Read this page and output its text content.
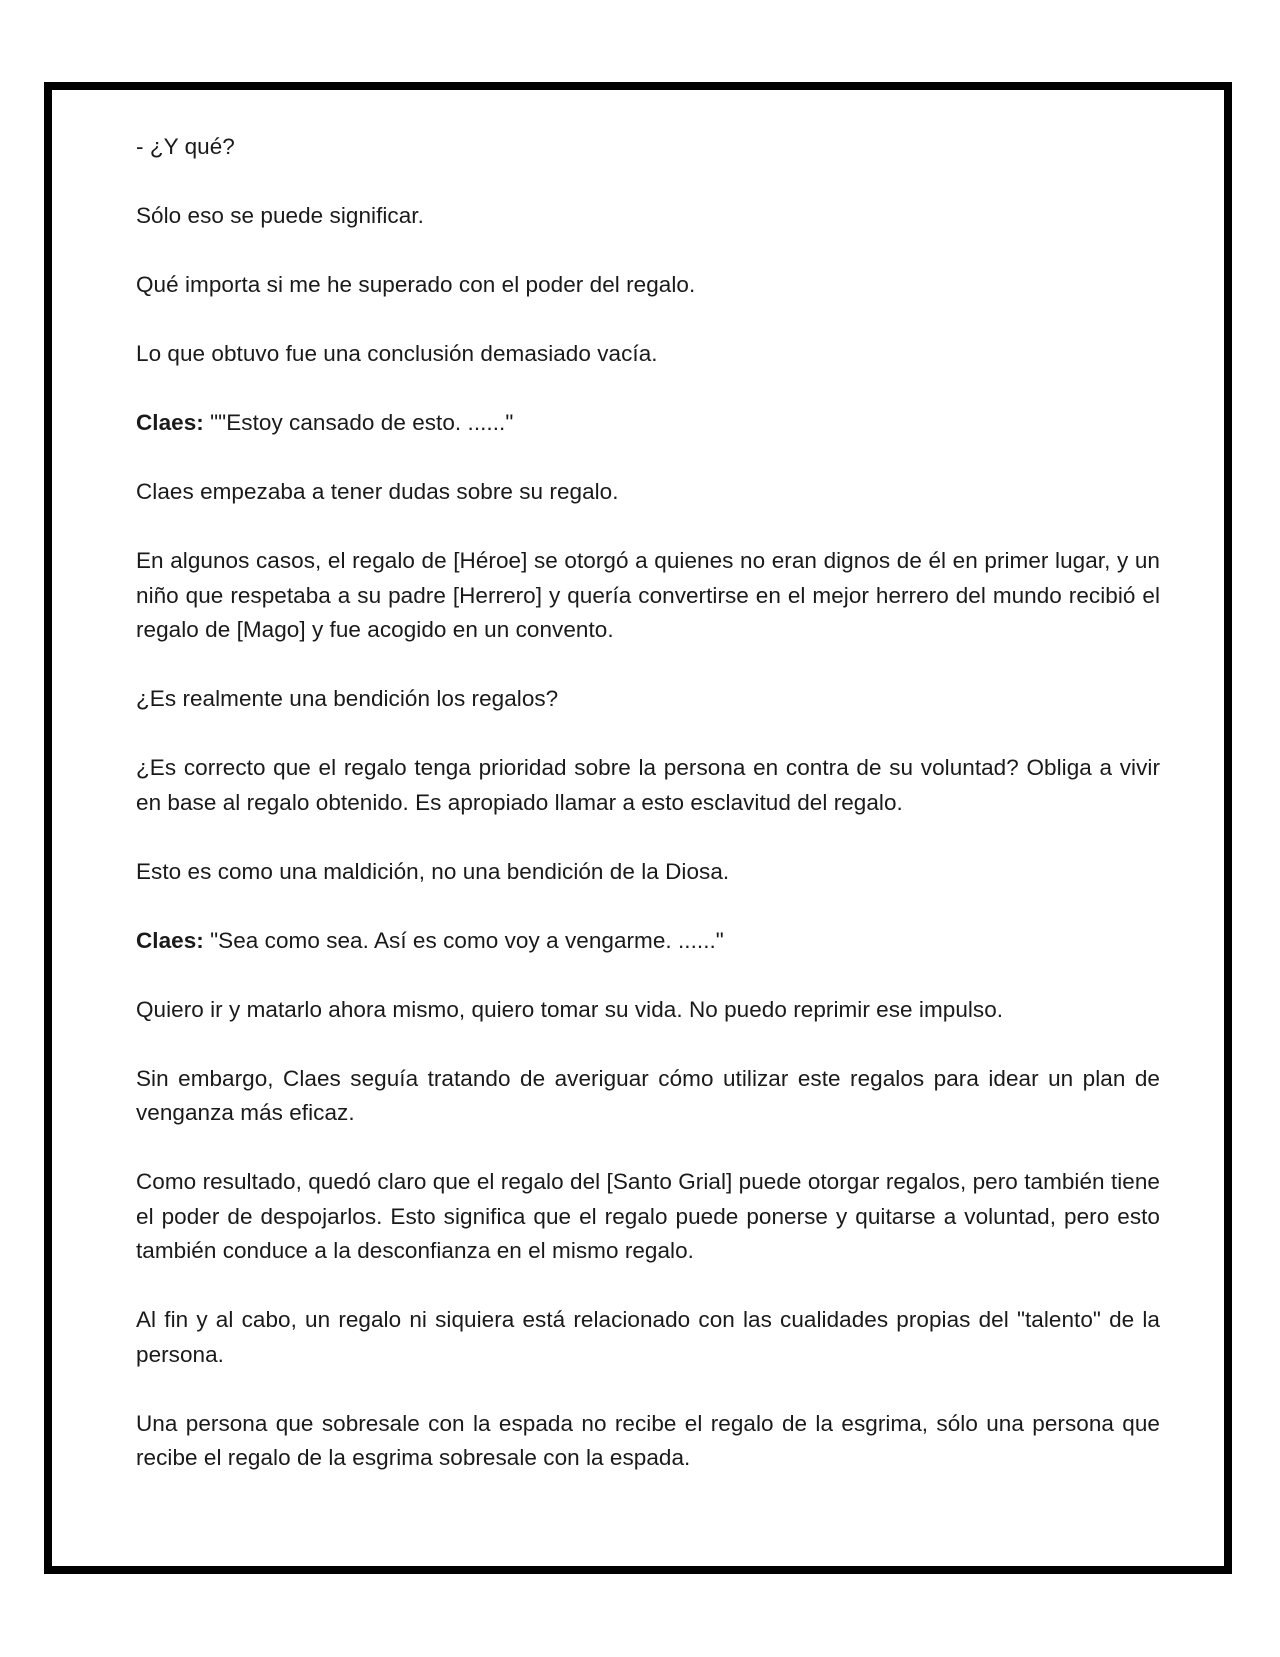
- ¿Y qué?

Sólo eso se puede significar.

Qué importa si me he superado con el poder del regalo.

Lo que obtuvo fue una conclusión demasiado vacía.

Claes: ""Estoy cansado de esto. ......"

Claes empezaba a tener dudas sobre su regalo.

En algunos casos, el regalo de [Héroe] se otorgó a quienes no eran dignos de él en primer lugar, y un niño que respetaba a su padre [Herrero] y quería convertirse en el mejor herrero del mundo recibió el regalo de [Mago] y fue acogido en un convento.

¿Es realmente una bendición los regalos?

¿Es correcto que el regalo tenga prioridad sobre la persona en contra de su voluntad? Obliga a vivir en base al regalo obtenido. Es apropiado llamar a esto esclavitud del regalo.

Esto es como una maldición, no una bendición de la Diosa.

Claes: "Sea como sea. Así es como voy a vengarme. ......"

Quiero ir y matarlo ahora mismo, quiero tomar su vida. No puedo reprimir ese impulso.

Sin embargo, Claes seguía tratando de averiguar cómo utilizar este regalos para idear un plan de venganza más eficaz.

Como resultado, quedó claro que el regalo del [Santo Grial] puede otorgar regalos, pero también tiene el poder de despojarlos. Esto significa que el regalo puede ponerse y quitarse a voluntad, pero esto también conduce a la desconfianza en el mismo regalo.

Al fin y al cabo, un regalo ni siquiera está relacionado con las cualidades propias del "talento" de la persona.

Una persona que sobresale con la espada no recibe el regalo de la esgrima, sólo una persona que recibe el regalo de la esgrima sobresale con la espada.
